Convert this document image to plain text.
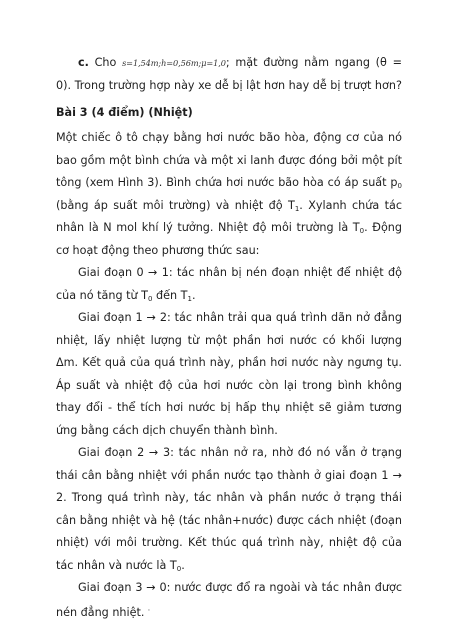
c. Cho s=1,54m;h=0,56m;μ=1,0; mặt đường nằm ngang (θ = 0). Trong trường hợp này xe dễ bị lật hơn hay dễ bị trượt hơn?

Bài 3 (4 điểm) (Nhiệt)

Một chiếc ô tô chạy bằng hơi nước bão hòa, động cơ của nó bao gồm một bình chứa và một xi lanh được đóng bởi một pít tông (xem Hình 3). Bình chứa hơi nước bão hòa có áp suất $p_0$ (bằng áp suất môi trường) và nhiệt độ $T_1$. Xylanh chứa tác nhân là N mol khí lý tưởng. Nhiệt độ môi trường là $T_0$. Động cơ hoạt động theo phương thức sau:

Giai đoạn 0 → 1: tác nhân bị nén đoạn nhiệt để nhiệt độ của nó tăng từ $T_0$ đến $T_1$.

Giai đoạn 1 → 2: tác nhân trải qua quá trình dãn nở đẳng nhiệt, lấy nhiệt lượng từ một phần hơi nước có khối lượng Δm. Kết quả của quá trình này, phần hơi nước này ngưng tụ. Áp suất và nhiệt độ của hơi nước còn lại trong bình không thay đổi - thể tích hơi nước bị hấp thụ nhiệt sẽ giảm tương ứng bằng cách dịch chuyển thành bình.

Giai đoạn 2 → 3: tác nhân nở ra, nhờ đó nó vẫn ở trạng thái cân bằng nhiệt với phần nước tạo thành ở giai đoạn 1 → 2. Trong quá trình này, tác nhân và phần nước ở trạng thái cân bằng nhiệt và hệ (tác nhân+nước) được cách nhiệt (đoạn nhiệt) với môi trường. Kết thúc quá trình này, nhiệt độ của tác nhân và nước là $T_0$.

Giai đoạn 3 → 0: nước được đổ ra ngoài và tác nhân được nén đẳng nhiệt. ·
